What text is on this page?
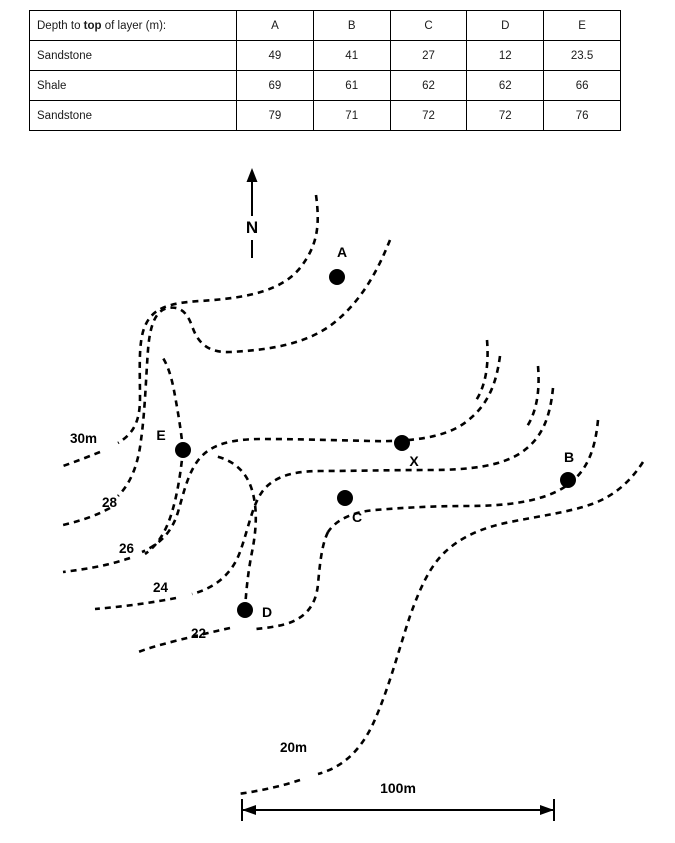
Depth to top of layer (m):	A	B	C	D	E
Sandstone	49	41	27	12	23.5
Shale	69	61	62	62	66
Sandstone	79	71	72	72	76
N
30m
28
26
24
22
20m
A
B
C
D
E
X
100m
